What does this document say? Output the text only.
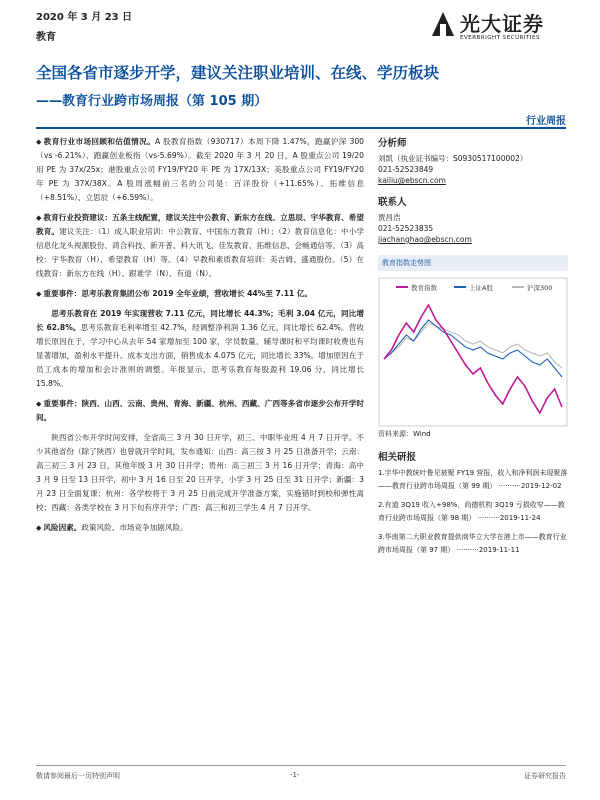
2020 年 3 月 23 日
教育
光大证券
EVERBRIGHT SECURITIES
全国各省市逐步开学，建议关注职业培训、在线、学历板块
——教育行业跨市场周报（第 105 期）
行业周报

◆ 教育行业市场回顾和估值情况。A 股教育指数（930717）本周下降 1.47%，跑赢沪深 300（vs -6.21%）、跑赢创业板指（vs-5.69%）。截至 2020 年 3 月 20 日，A 股重点公司 19/20 用 PE 为 37x/25x；港股重点公司 FY19/FY20 年 PE 为 17X/13X；美股重点公司 FY19/FY20 年 PE 为 37X/38X。A 股周涨幅前三名的公司是：百洋股份（+11.65%）、拓维信息（+8.51%）、立思辰（+6.59%）。

◆ 教育行业投资建议：五条主线配置，建议关注中公教育、新东方在线、立思辰、宇华教育、希望教育。建议关注：（1）成人职业培训：中公教育、中国东方教育（H）；（2）教育信息化：中小学信息化龙头视源股份、鸿合科技、新开普、科大讯飞、佳发教育、拓维信息、会畅通信等。（3）高校：宇华教育（H）、希望教育（H）等。（4）早教和素质教育培训：美吉姆、盛通股份。（5）在线教育：新东方在线（H）、跟谁学（N）、有道（N）。

◆ 重要事件：思考乐教育集团公布 2019 全年业绩，营收增长 44%至 7.11 亿。

思考乐教育在 2019 年实现营收 7.11 亿元，同比增长 44.3%；毛利 3.04 亿元，同比增长 62.8%。思考乐教育毛利率增至 42.7%，经调整净利润 1.36 亿元，同比增长 62.4%。营收增长原因在于，学习中心从去年 54 家增加至 100 家，学员数量、辅导课时和平均课时收费也有显著增加，盈利水平提升。成本支出方面，销售成本 4.075 亿元，同比增长 33%。增加原因在于员工成本的增加和会计准则的调整。年报显示，思考乐教育每股盈利 19.06 分，同比增长 15.8%。

◆ 重要事件：陕西、山西、云南、贵州、青海、新疆、杭州、西藏、广西等多省市逐步公布开学时间。

陕西省公布开学时间安排，全省高三 3 月 30 日开学，初三、中职毕业班 4 月 7 日开学。不少其他省份（除了陕西）也曾就开学时间，发布通知：山西：高三按 3 月 25 日准备开学；云南：高三初三 3 月 23 日，其他年级 3 月 30 日开学；贵州：高三初三 3 月 16 日开学；青海：高中 3 月 9 日至 13 日开学，初中 3 月 16 日至 20 日开学，小学 3 月 25 日至 31 日开学；新疆：3 月 23 日全面复课；杭州：各学校将于 3 月 25 日前完成开学准备方案，实施错时到校和弹性离校；西藏：各类学校在 3 月下旬有序开学；广西：高三和初三学生 4 月 7 日开学。

◆ 风险因素。政策风险、市场竞争加剧风险。

分析师
刘凯（执业证书编号：S0930517100002）
021-52523849
kailiu@ebscn.com
联系人
贾昌浩
021-52523835
jiachanghao@ebscn.com
教育指数走势图
教育指数	上证A股	沪深300
资料来源：Wind
相关研报

1.宇华中教统叶鲁见被聚 FY19 营报，收入和净利润未现聚落——教育行业跨市场周报（第 99 期） ··········2019-12-02

2.有道 3Q19 收入+98%，尚德机构 3Q19 亏损收窄——教育行业跨市场周报（第 98 期） ··········2019-11-24

3.华南第二大职业教育提供商华立大学在港上市——教育行业跨市场周报（第 97 期） ··········2019-11-11

敬请参阅最后一页特别声明	-1-	证券研究报告
